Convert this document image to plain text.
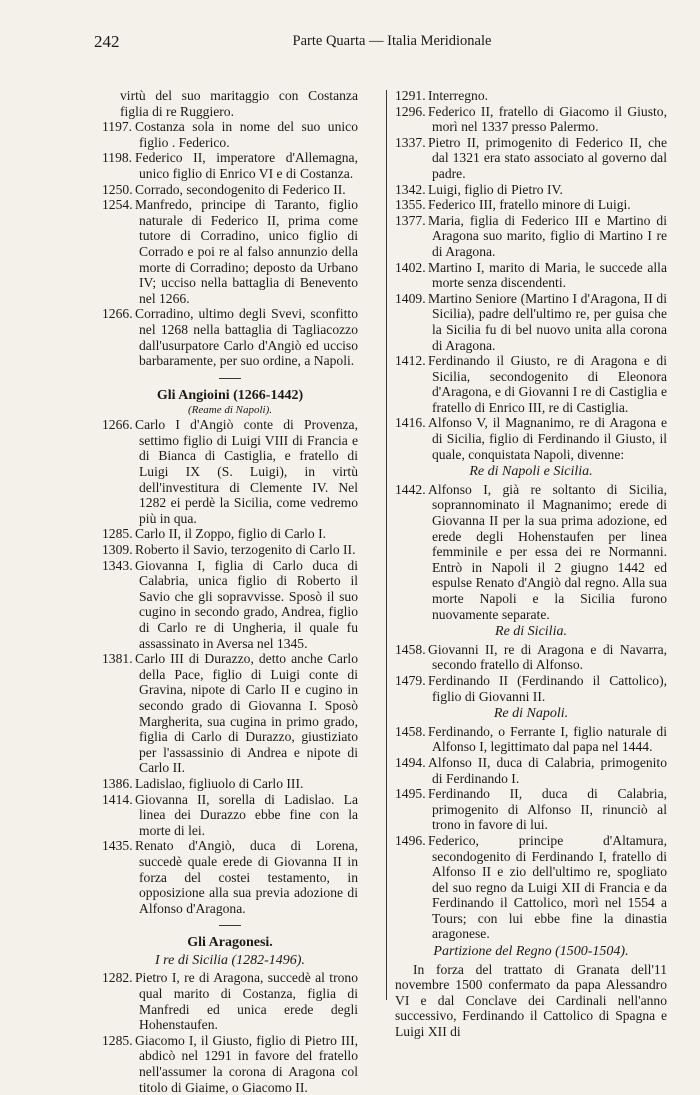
242	Parte Quarta — Italia Meridionale

virtù del suo maritaggio con Costanza figlia di re Ruggiero.

1197. Costanza sola in nome del suo unico figlio . Federico.

1198. Federico II, imperatore d'Allemagna, unico figlio di Enrico VI e di Costanza.

1250. Corrado, secondogenito di Federico II.

1254. Manfredo, principe di Taranto, figlio naturale di Federico II, prima come tutore di Corradino, unico figlio di Corrado e poi re al falso annunzio della morte di Corradino; deposto da Urbano IV; ucciso nella battaglia di Benevento nel 1266.

1266. Corradino, ultimo degli Svevi, sconfitto nel 1268 nella battaglia di Tagliacozzo dall'usurpatore Carlo d'Angiò ed ucciso barbaramente, per suo ordine, a Napoli.

Gli Angioini (1266-1442)

(Reame di Napoli).

1266. Carlo I d'Angiò conte di Provenza, settimo figlio di Luigi VIII di Francia e di Bianca di Castiglia, e fratello di Luigi IX (S. Luigi), in virtù dell'investitura di Clemente IV. Nel 1282 ei perdè la Sicilia, come vedremo più in qua.

1285. Carlo II, il Zoppo, figlio di Carlo I.

1309. Roberto il Savio, terzogenito di Carlo II.

1343. Giovanna I, figlia di Carlo duca di Calabria, unica figlio di Roberto il Savio che gli sopravvisse. Sposò il suo cugino in secondo grado, Andrea, figlio di Carlo re di Ungheria, il quale fu assassinato in Aversa nel 1345.

1381. Carlo III di Durazzo, detto anche Carlo della Pace, figlio di Luigi conte di Gravina, nipote di Carlo II e cugino in secondo grado di Giovanna I. Sposò Margherita, sua cugina in primo grado, figlia di Carlo di Durazzo, giustiziato per l'assassinio di Andrea e nipote di Carlo II.

1386. Ladislao, figliuolo di Carlo III.

1414. Giovanna II, sorella di Ladislao. La linea dei Durazzo ebbe fine con la morte di lei.

1435. Renato d'Angiò, duca di Lorena, succedè quale erede di Giovanna II in forza del costei testamento, in opposizione alla sua previa adozione di Alfonso d'Aragona.

Gli Aragonesi.

I re di Sicilia (1282-1496).

1282. Pietro I, re di Aragona, succedè al trono qual marito di Costanza, figlia di Manfredi ed unica erede degli Hohenstaufen.

1285. Giacomo I, il Giusto, figlio di Pietro III, abdicò nel 1291 in favore del fratello nell'assumer la corona di Aragona col titolo di Giaime, o Giacomo II.

1291. Interregno.

1296. Federico II, fratello di Giacomo il Giusto, morì nel 1337 presso Palermo.

1337. Pietro II, primogenito di Federico II, che dal 1321 era stato associato al governo dal padre.

1342. Luigi, figlio di Pietro IV.

1355. Federico III, fratello minore di Luigi.

1377. Maria, figlia di Federico III e Martino di Aragona suo marito, figlio di Martino I re di Aragona.

1402. Martino I, marito di Maria, le succede alla morte senza discendenti.

1409. Martino Seniore (Martino I d'Aragona, II di Sicilia), padre dell'ultimo re, per guisa che la Sicilia fu di bel nuovo unita alla corona di Aragona.

1412. Ferdinando il Giusto, re di Aragona e di Sicilia, secondogenito di Eleonora d'Aragona, e di Giovanni I re di Castiglia e fratello di Enrico III, re di Castiglia.

1416. Alfonso V, il Magnanimo, re di Aragona e di Sicilia, figlio di Ferdinando il Giusto, il quale, conquistata Napoli, divenne:

Re di Napoli e Sicilia.

1442. Alfonso I, già re soltanto di Sicilia, soprannominato il Magnanimo; erede di Giovanna II per la sua prima adozione, ed erede degli Hohenstaufen per linea femminile e per essa dei re Normanni. Entrò in Napoli il 2 giugno 1442 ed espulse Renato d'Angiò dal regno. Alla sua morte Napoli e la Sicilia furono nuovamente separate.

Re di Sicilia.

1458. Giovanni II, re di Aragona e di Navarra, secondo fratello di Alfonso.

1479. Ferdinando II (Ferdinando il Cattolico), figlio di Giovanni II.

Re di Napoli.

1458. Ferdinando, o Ferrante I, figlio naturale di Alfonso I, legittimato dal papa nel 1444.

1494. Alfonso II, duca di Calabria, primogenito di Ferdinando I.

1495. Ferdinando II, duca di Calabria, primogenito di Alfonso II, rinunciò al trono in favore di lui.

1496. Federico, principe d'Altamura, secondogenito di Ferdinando I, fratello di Alfonso II e zio dell'ultimo re, spogliato del suo regno da Luigi XII di Francia e da Ferdinando il Cattolico, morì nel 1554 a Tours; con lui ebbe fine la dinastia aragonese.

Partizione del Regno (1500-1504).

In forza del trattato di Granata dell'11 novembre 1500 confermato da papa Alessandro VI e dal Conclave dei Cardinali nell'anno successivo, Ferdinando il Cattolico di Spagna e Luigi XII di
